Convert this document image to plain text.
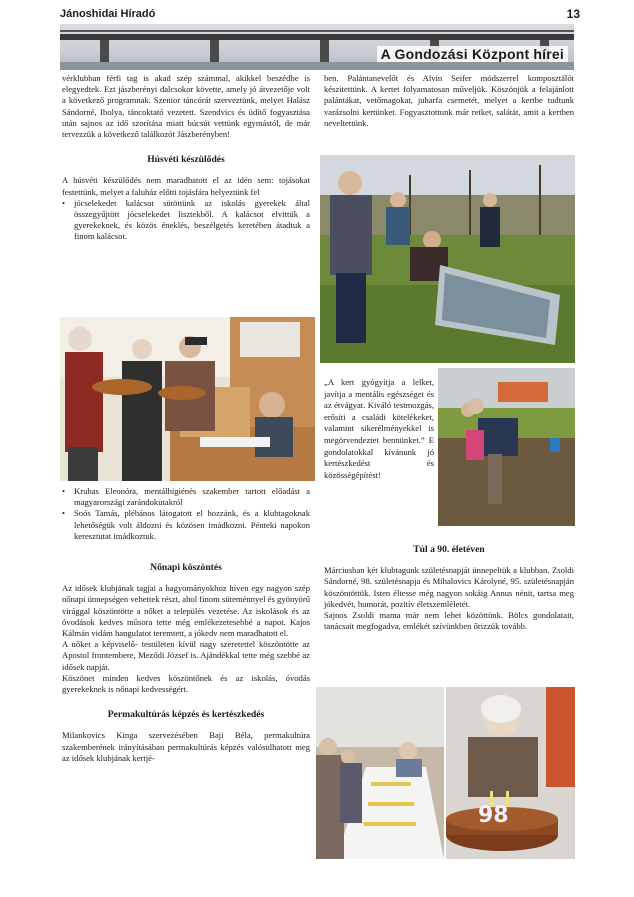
Jánoshidai Híradó	13
A Gondozási Központ hírei

vérklubban férfi tag is akad szép számmal, akikkel beszédbe is elegyedtek. Ezt jászberényi dalcsokor követte, amely jó átvezetője volt a következő programnak. Szenior táncórát szerveztünk, melyet Halász Sándorné, Ibolya, táncoktató vezetett. Szendvics és üdítő fogyasztása után sajnos az idő szorítása miatt búcsút vettünk egymástól, de már tervezzük a következő találkozót Jászberényben!

Húsvéti készülődés

A húsvéti készülődés nem maradhatott el az idén sem: tojásokat festettünk, melyet a faluház előtti tojásfára helyeztünk fel

• jócselekedet kalácsot sütöttünk az iskolás gyerekek által összegyűjtött jócselekedet lisztekből. A kalácsot elvittük a gyerekeknek, és közös éneklés, beszélgetés keretében átadtuk a finom kalácsot.

• Krubas Eleonóra, mentálhigiénés szakember tartott előadást a magyarországi zarándokutakról

• Soós Tamás, plébános látogatott el hozzánk, és a klubtagoknak lehetőségük volt áldozni és közösen imádkozni. Pénteki napokon keresztutat imádkoztuk.

Nőnapi köszöntés

Az idősek klubjának tagjai a hagyományokhoz híven egy nagyon szép nőnapi ünnepségen vehettek részt, ahol finom süteménnyel és gyönyörű virággal köszöntötte a nőket a település vezetése. Az iskolások és az óvodások kedves műsora tette még emlékezetesebbé a napot. Kajos Kálmán vidám hangulatot teremtett, a jókedv nem maradhatott el.

A nőket a képviselő- testületen kívül nagy szeretettel köszöntötte az Apostol frontembere, Meződi József is. Ajándékkal tette még szebbé az idősek napját.

Köszönet minden kedves köszöntőnek és az iskolás, óvodás gyerekeknek is nőnapi kedvességért.

Permakultúrás képzés és kertészkedés

Milankovics Kinga szervezésében Baji Béla, permakultúra szakemberének irányításában permakultúrás képzés valósulhatott meg az idősek klubjának kertjé-

ben. Palántanevelőt és Alvin Seifer módszerrel komposztálót készítettünk. A kertet folyamatosan műveljük. Köszönjük a felajánlott palántákat, vetőmagokat, juharfa csemetét, melyet a kertbe tudtunk varázsolni kertünket. Fogyasztottunk már retket, salátát, amit a kertben neveltettünk.

„A kert gyógyítja a lelket, javítja a mentális egészséget és az étvágyat. Kiváló testmozgás, erősíti a családi kötelékeket, valamint sikerélményekkel is megörvendeztet bennünket.” E gondolatokkal kívánunk jó kertészkedést és közösségépítést!
Túl a 90. életéven

Márciusban két klubtagunk születésnapját ünnepeltük a klubban. Zsoldi Sándorné, 98. születésnapja és Mihalovics Károlyné, 95. születésnapján köszöntöttük. Isten éltesse még nagyon sokáig Annus nénit, tartsa meg jókedvét, humorát, pozitív életszemléletét.

Sajnos Zsoldi mama már nem lehet közöttünk. Bölcs gondolatait, tanácsait megfogadva, emlékét szívünkben őrizzük tovább.

98
